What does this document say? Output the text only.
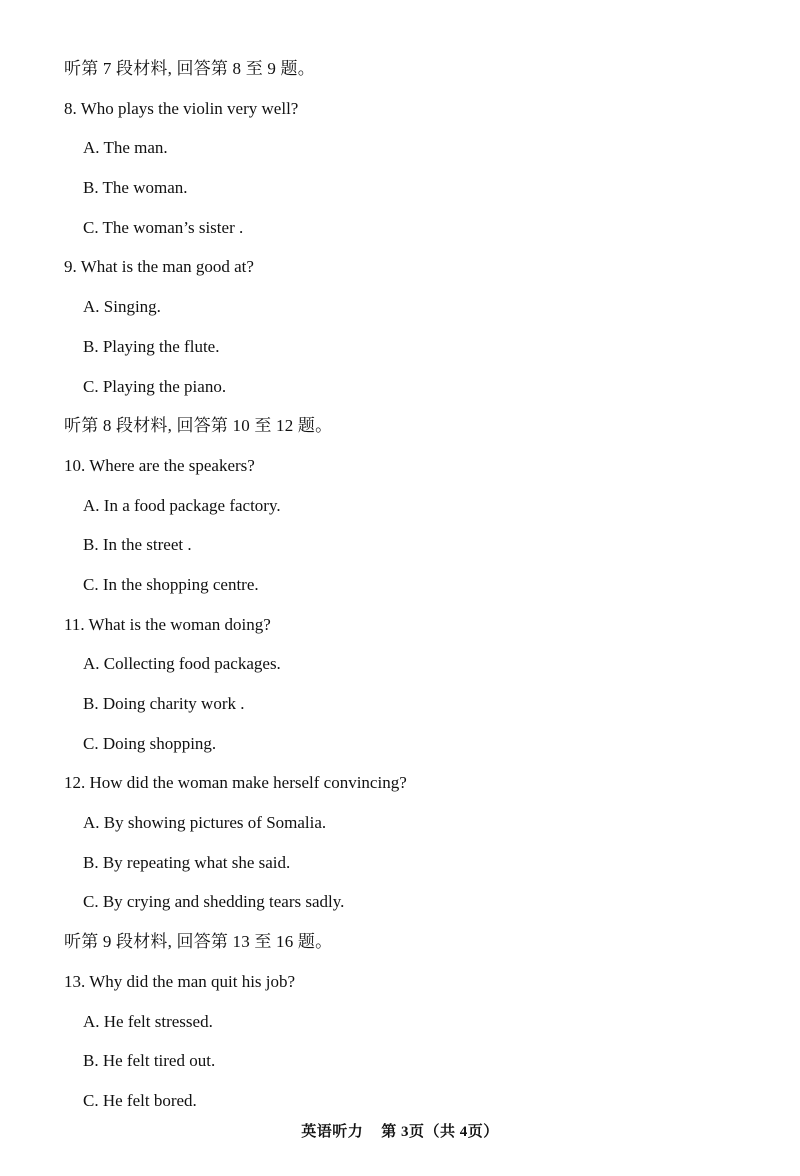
听第 7 段材料, 回答第 8 至 9 题。
8. Who plays the violin very well?
A. The man.
B. The woman.
C. The woman’s sister .
9. What is the man good at?
A. Singing.
B. Playing the flute.
C. Playing the piano.
听第 8 段材料, 回答第 10 至 12 题。
10. Where are the speakers?
A. In a food package factory.
B. In the street .
C. In the shopping centre.
11. What is the woman doing?
A. Collecting food packages.
B. Doing charity work .
C. Doing shopping.
12. How did the woman make herself convincing?
A. By showing pictures of Somalia.
B. By repeating what she said.
C. By crying and shedding tears sadly.
听第 9 段材料, 回答第 13 至 16 题。
13. Why did the man quit his job?
A. He felt stressed.
B. He felt tired out.
C. He felt bored.
英语听力 第 3页（共 4页）
